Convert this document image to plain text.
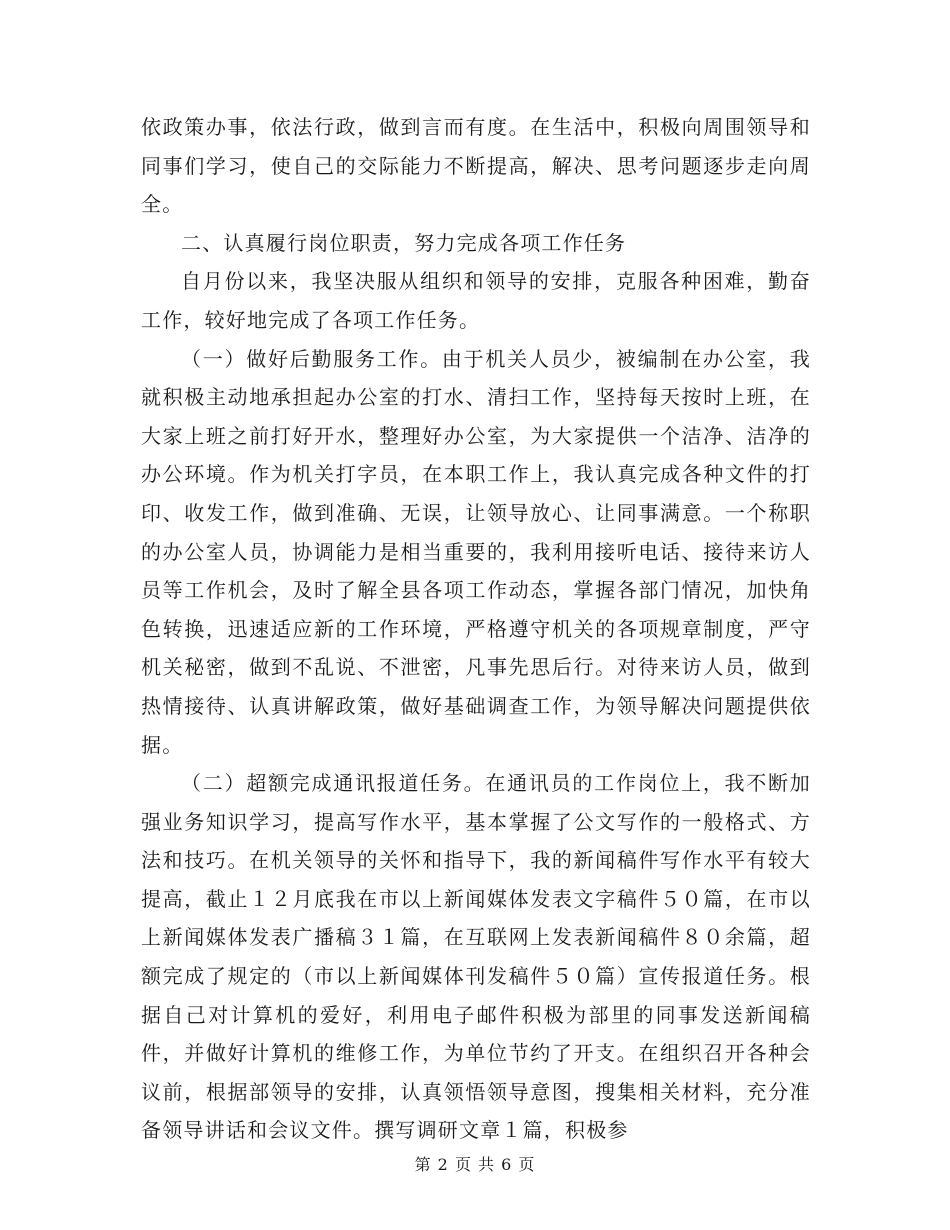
依政策办事，依法行政，做到言而有度。在生活中，积极向周围领导和同事们学习，使自己的交际能力不断提高，解决、思考问题逐步走向周全。

二、认真履行岗位职责，努力完成各项工作任务

自月份以来，我坚决服从组织和领导的安排，克服各种困难，勤奋工作，较好地完成了各项工作任务。

（一）做好后勤服务工作。由于机关人员少，被编制在办公室，我就积极主动地承担起办公室的打水、清扫工作，坚持每天按时上班，在大家上班之前打好开水，整理好办公室，为大家提供一个洁净、洁净的办公环境。作为机关打字员，在本职工作上，我认真完成各种文件的打印、收发工作，做到准确、无误，让领导放心、让同事满意。一个称职的办公室人员，协调能力是相当重要的，我利用接听电话、接待来访人员等工作机会，及时了解全县各项工作动态，掌握各部门情况，加快角色转换，迅速适应新的工作环境，严格遵守机关的各项规章制度，严守机关秘密，做到不乱说、不泄密，凡事先思后行。对待来访人员，做到热情接待、认真讲解政策，做好基础调查工作，为领导解决问题提供依据。

（二）超额完成通讯报道任务。在通讯员的工作岗位上，我不断加强业务知识学习，提高写作水平，基本掌握了公文写作的一般格式、方法和技巧。在机关领导的关怀和指导下，我的新闻稿件写作水平有较大提高，截止１２月底我在市以上新闻媒体发表文字稿件５０篇，在市以上新闻媒体发表广播稿３１篇，在互联网上发表新闻稿件８０余篇，超额完成了规定的（市以上新闻媒体刊发稿件５０篇）宣传报道任务。根据自己对计算机的爱好，利用电子邮件积极为部里的同事发送新闻稿件，并做好计算机的维修工作，为单位节约了开支。在组织召开各种会议前，根据部领导的安排，认真领悟领导意图，搜集相关材料，充分准备领导讲话和会议文件。撰写调研文章１篇，积极参

第 2 页 共 6 页
